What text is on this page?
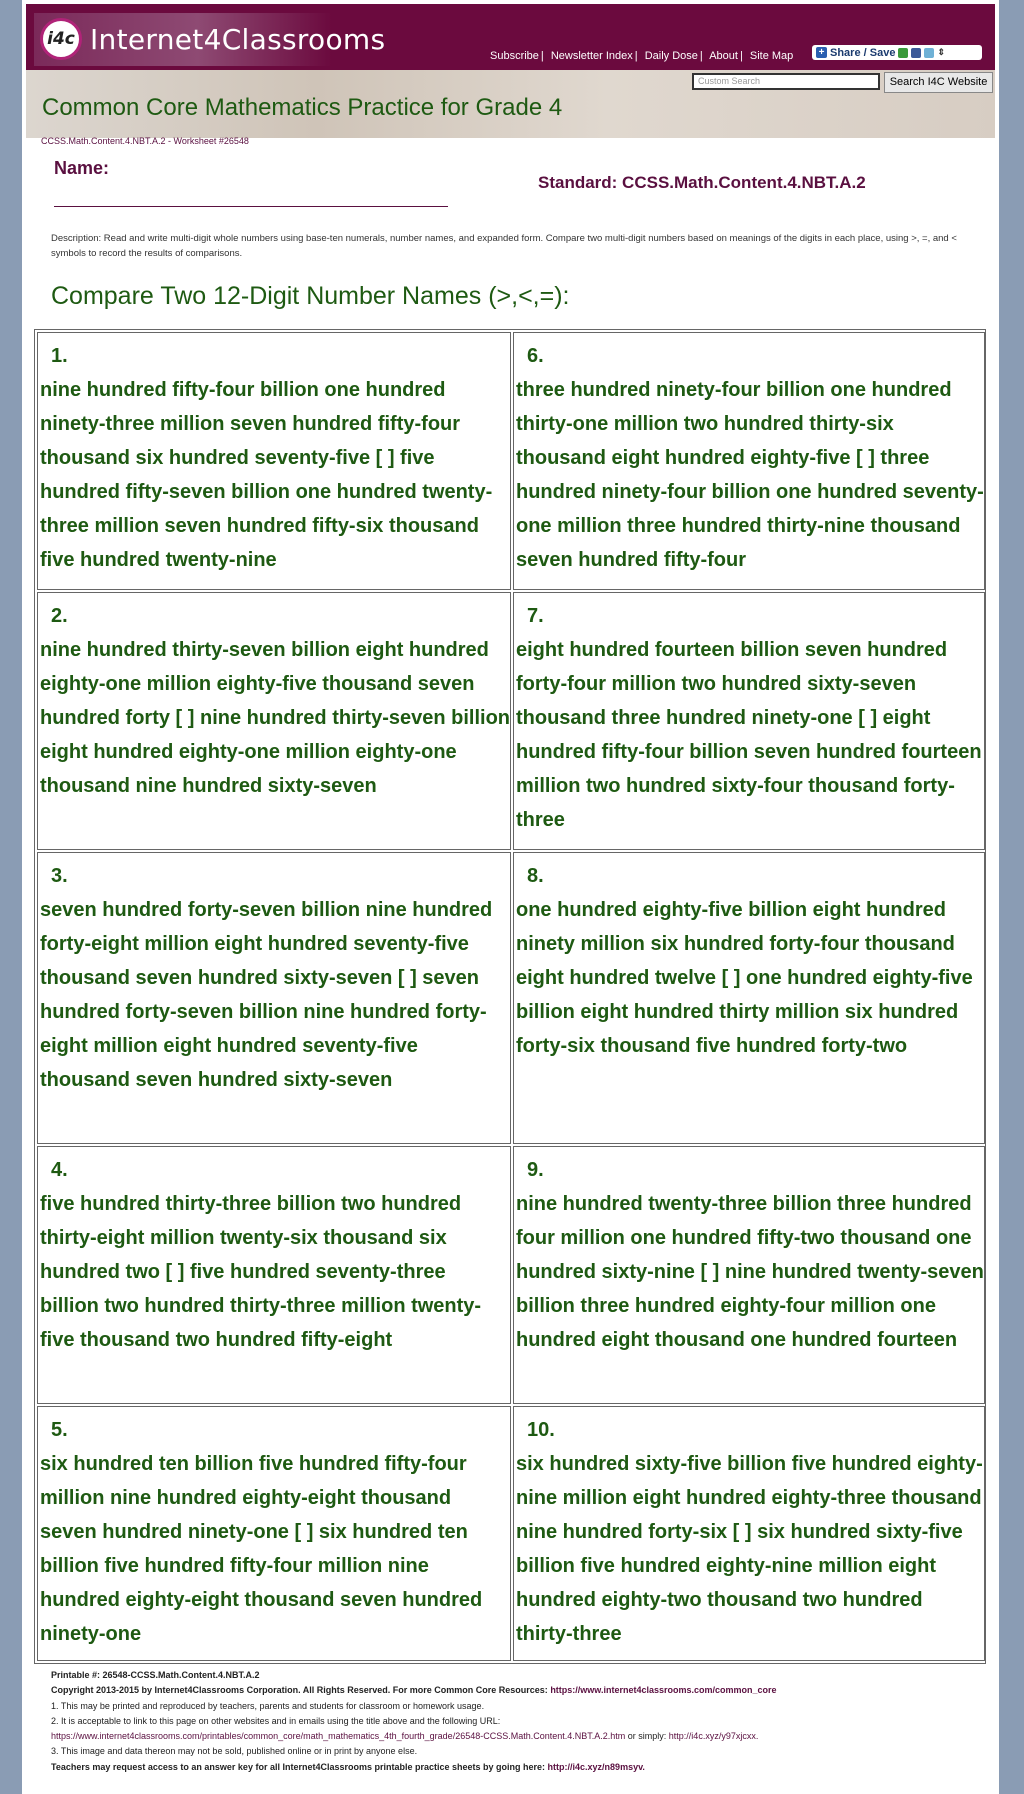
i4c Internet4Classrooms	Subscribe | Newsletter Index | Daily Dose | About | Site Map	+ Share / Save	⇕
Custom Search	Search I4C Website
Common Core Mathematics Practice for Grade 4
CCSS.Math.Content.4.NBT.A.2 - Worksheet #26548
Name:
Standard: CCSS.Math.Content.4.NBT.A.2
Description: Read and write multi-digit whole numbers using base-ten numerals, number names, and expanded form. Compare two multi-digit numbers based on meanings of the digits in each place, using >, =, and < symbols to record the results of comparisons.
Compare Two 12-Digit Number Names (>,<,=):
1.
nine hundred fifty-four billion one hundred ninety-three million seven hundred fifty-four thousand six hundred seventy-five [ ] five hundred fifty-seven billion one hundred twenty-three million seven hundred fifty-six thousand five hundred twenty-nine
6.
three hundred ninety-four billion one hundred thirty-one million two hundred thirty-six thousand eight hundred eighty-five [ ] three hundred ninety-four billion one hundred seventy-one million three hundred thirty-nine thousand seven hundred fifty-four
2.
nine hundred thirty-seven billion eight hundred eighty-one million eighty-five thousand seven hundred forty [ ] nine hundred thirty-seven billion eight hundred eighty-one million eighty-one thousand nine hundred sixty-seven
7.
eight hundred fourteen billion seven hundred forty-four million two hundred sixty-seven thousand three hundred ninety-one [ ] eight hundred fifty-four billion seven hundred fourteen million two hundred sixty-four thousand forty-three
3.
seven hundred forty-seven billion nine hundred forty-eight million eight hundred seventy-five thousand seven hundred sixty-seven [ ] seven hundred forty-seven billion nine hundred forty-eight million eight hundred seventy-five thousand seven hundred sixty-seven
8.
one hundred eighty-five billion eight hundred ninety million six hundred forty-four thousand eight hundred twelve [ ] one hundred eighty-five billion eight hundred thirty million six hundred forty-six thousand five hundred forty-two
4.
five hundred thirty-three billion two hundred thirty-eight million twenty-six thousand six hundred two [ ] five hundred seventy-three billion two hundred thirty-three million twenty-five thousand two hundred fifty-eight
9.
nine hundred twenty-three billion three hundred four million one hundred fifty-two thousand one hundred sixty-nine [ ] nine hundred twenty-seven billion three hundred eighty-four million one hundred eight thousand one hundred fourteen
5.
six hundred ten billion five hundred fifty-four million nine hundred eighty-eight thousand seven hundred ninety-one [ ] six hundred ten billion five hundred fifty-four million nine hundred eighty-eight thousand seven hundred ninety-one
10.
six hundred sixty-five billion five hundred eighty-nine million eight hundred eighty-three thousand nine hundred forty-six [ ] six hundred sixty-five billion five hundred eighty-nine million eight hundred eighty-two thousand two hundred thirty-three
Printable #: 26548-CCSS.Math.Content.4.NBT.A.2
Copyright 2013-2015 by Internet4Classrooms Corporation. All Rights Reserved. For more Common Core Resources: https://www.internet4classrooms.com/common_core
1. This may be printed and reproduced by teachers, parents and students for classroom or homework usage.
2. It is acceptable to link to this page on other websites and in emails using the title above and the following URL:
https://www.internet4classrooms.com/printables/common_core/math_mathematics_4th_fourth_grade/26548-CCSS.Math.Content.4.NBT.A.2.htm or simply: http://i4c.xyz/y97xjcxx.
3. This image and data thereon may not be sold, published online or in print by anyone else.
Teachers may request access to an answer key for all Internet4Classrooms printable practice sheets by going here: http://i4c.xyz/n89msyv.
